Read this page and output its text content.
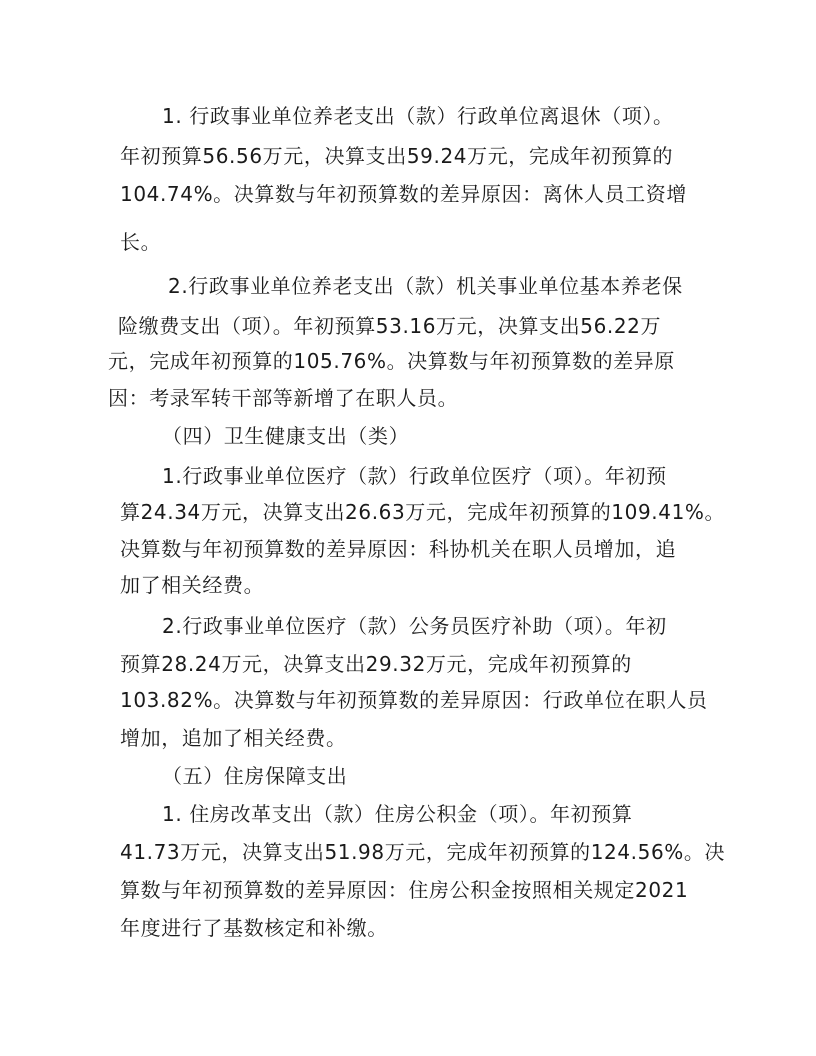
1. 行政事业单位养老支出（款）行政单位离退休（项）。
年初预算56.56万元，决算支出59.24万元，完成年初预算的
104.74%。决算数与年初预算数的差异原因：离休人员工资增
长。
2.行政事业单位养老支出（款）机关事业单位基本养老保
险缴费支出（项）。年初预算53.16万元，决算支出56.22万
元，完成年初预算的105.76%。决算数与年初预算数的差异原
因：考录军转干部等新增了在职人员。
（四）卫生健康支出（类）
1.行政事业单位医疗（款）行政单位医疗（项）。年初预
算24.34万元，决算支出26.63万元，完成年初预算的109.41%。
决算数与年初预算数的差异原因：科协机关在职人员增加，追
加了相关经费。
2.行政事业单位医疗（款）公务员医疗补助（项）。年初
预算28.24万元，决算支出29.32万元，完成年初预算的
103.82%。决算数与年初预算数的差异原因：行政单位在职人员
增加，追加了相关经费。
（五）住房保障支出
1. 住房改革支出（款）住房公积金（项）。年初预算
41.73万元，决算支出51.98万元，完成年初预算的124.56%。决
算数与年初预算数的差异原因：住房公积金按照相关规定2021
年度进行了基数核定和补缴。
